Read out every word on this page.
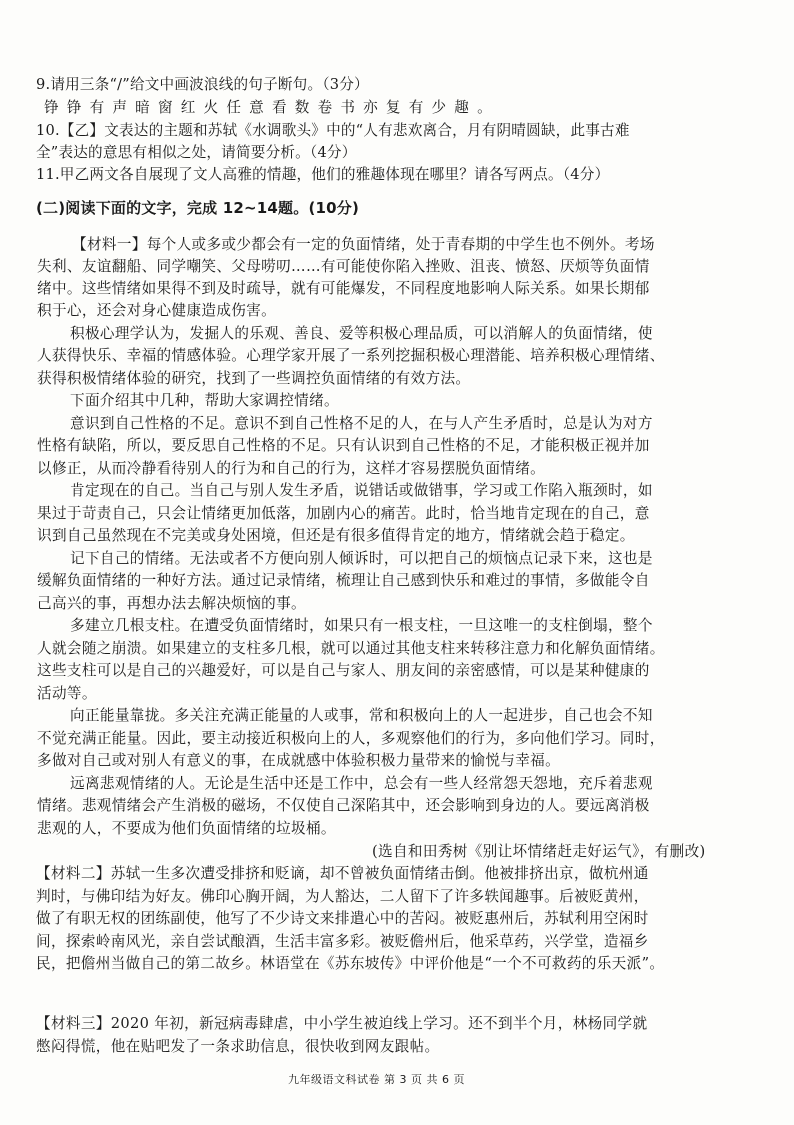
9.请用三条“/”给文中画波浪线的句子断句。（3分）

铮铮有声暗窗红火任意看数卷书亦复有少趣。

10.【乙】文表达的主题和苏轼《水调歌头》中的“人有悲欢离合，月有阴晴圆缺，此事古难

全”表达的意思有相似之处，请简要分析。（4分）

11.甲乙两文各自展现了文人高雅的情趣，他们的雅趣体现在哪里？请各写两点。（4分）

(二)阅读下面的文字，完成 12~14题。(10分)

【材料一】每个人或多或少都会有一定的负面情绪，处于青春期的中学生也不例外。考场

失利、友谊翻船、同学嘲笑、父母唠叨……有可能使你陷入挫败、沮丧、愤怒、厌烦等负面情

绪中。这些情绪如果得不到及时疏导，就有可能爆发，不同程度地影响人际关系。如果长期郁

积于心，还会对身心健康造成伤害。

积极心理学认为，发掘人的乐观、善良、爱等积极心理品质，可以消解人的负面情绪，使

人获得快乐、幸福的情感体验。心理学家开展了一系列挖掘积极心理潜能、培养积极心理情绪、

获得积极情绪体验的研究，找到了一些调控负面情绪的有效方法。

下面介绍其中几种，帮助大家调控情绪。

意识到自己性格的不足。意识不到自己性格不足的人，在与人产生矛盾时，总是认为对方

性格有缺陷，所以，要反思自己性格的不足。只有认识到自己性格的不足，才能积极正视并加

以修正，从而冷静看待别人的行为和自己的行为，这样才容易摆脱负面情绪。

肯定现在的自己。当自己与别人发生矛盾，说错话或做错事，学习或工作陷入瓶颈时，如

果过于苛责自己，只会让情绪更加低落，加剧内心的痛苦。此时，恰当地肯定现在的自己，意

识到自己虽然现在不完美或身处困境，但还是有很多值得肯定的地方，情绪就会趋于稳定。

记下自己的情绪。无法或者不方便向别人倾诉时，可以把自己的烦恼点记录下来，这也是

缓解负面情绪的一种好方法。通过记录情绪，梳理让自己感到快乐和难过的事情，多做能令自

己高兴的事，再想办法去解决烦恼的事。

多建立几根支柱。在遭受负面情绪时，如果只有一根支柱，一旦这唯一的支柱倒塌，整个

人就会随之崩溃。如果建立的支柱多几根，就可以通过其他支柱来转移注意力和化解负面情绪。

这些支柱可以是自己的兴趣爱好，可以是自己与家人、朋友间的亲密感情，可以是某种健康的

活动等。

向正能量靠拢。多关注充满正能量的人或事，常和积极向上的人一起进步，自己也会不知

不觉充满正能量。因此，要主动接近积极向上的人，多观察他们的行为，多向他们学习。同时，

多做对自己或对别人有意义的事，在成就感中体验积极力量带来的愉悦与幸福。

远离悲观情绪的人。无论是生活中还是工作中，总会有一些人经常怨天怨地，充斥着悲观

情绪。悲观情绪会产生消极的磁场，不仅使自己深陷其中，还会影响到身边的人。要远离消极

悲观的人，不要成为他们负面情绪的垃圾桶。

(选自和田秀树《别让坏情绪赶走好运气》，有删改)

【材料二】苏轼一生多次遭受排挤和贬谪，却不曾被负面情绪击倒。他被排挤出京，做杭州通

判时，与佛印结为好友。佛印心胸开阔，为人豁达，二人留下了许多轶闻趣事。后被贬黄州，

做了有职无权的团练副使，他写了不少诗文来排遣心中的苦闷。被贬惠州后，苏轼利用空闲时

间，探索岭南风光，亲自尝试酿酒，生活丰富多彩。被贬儋州后，他采草药，兴学堂，造福乡

民，把儋州当做自己的第二故乡。林语堂在《苏东坡传》中评价他是“一个不可救药的乐天派”。

【材料三】2020 年初，新冠病毒肆虐，中小学生被迫线上学习。还不到半个月，林杨同学就

憋闷得慌，他在贴吧发了一条求助信息，很快收到网友跟帖。

九年级语文科试卷 第 3 页 共 6 页
